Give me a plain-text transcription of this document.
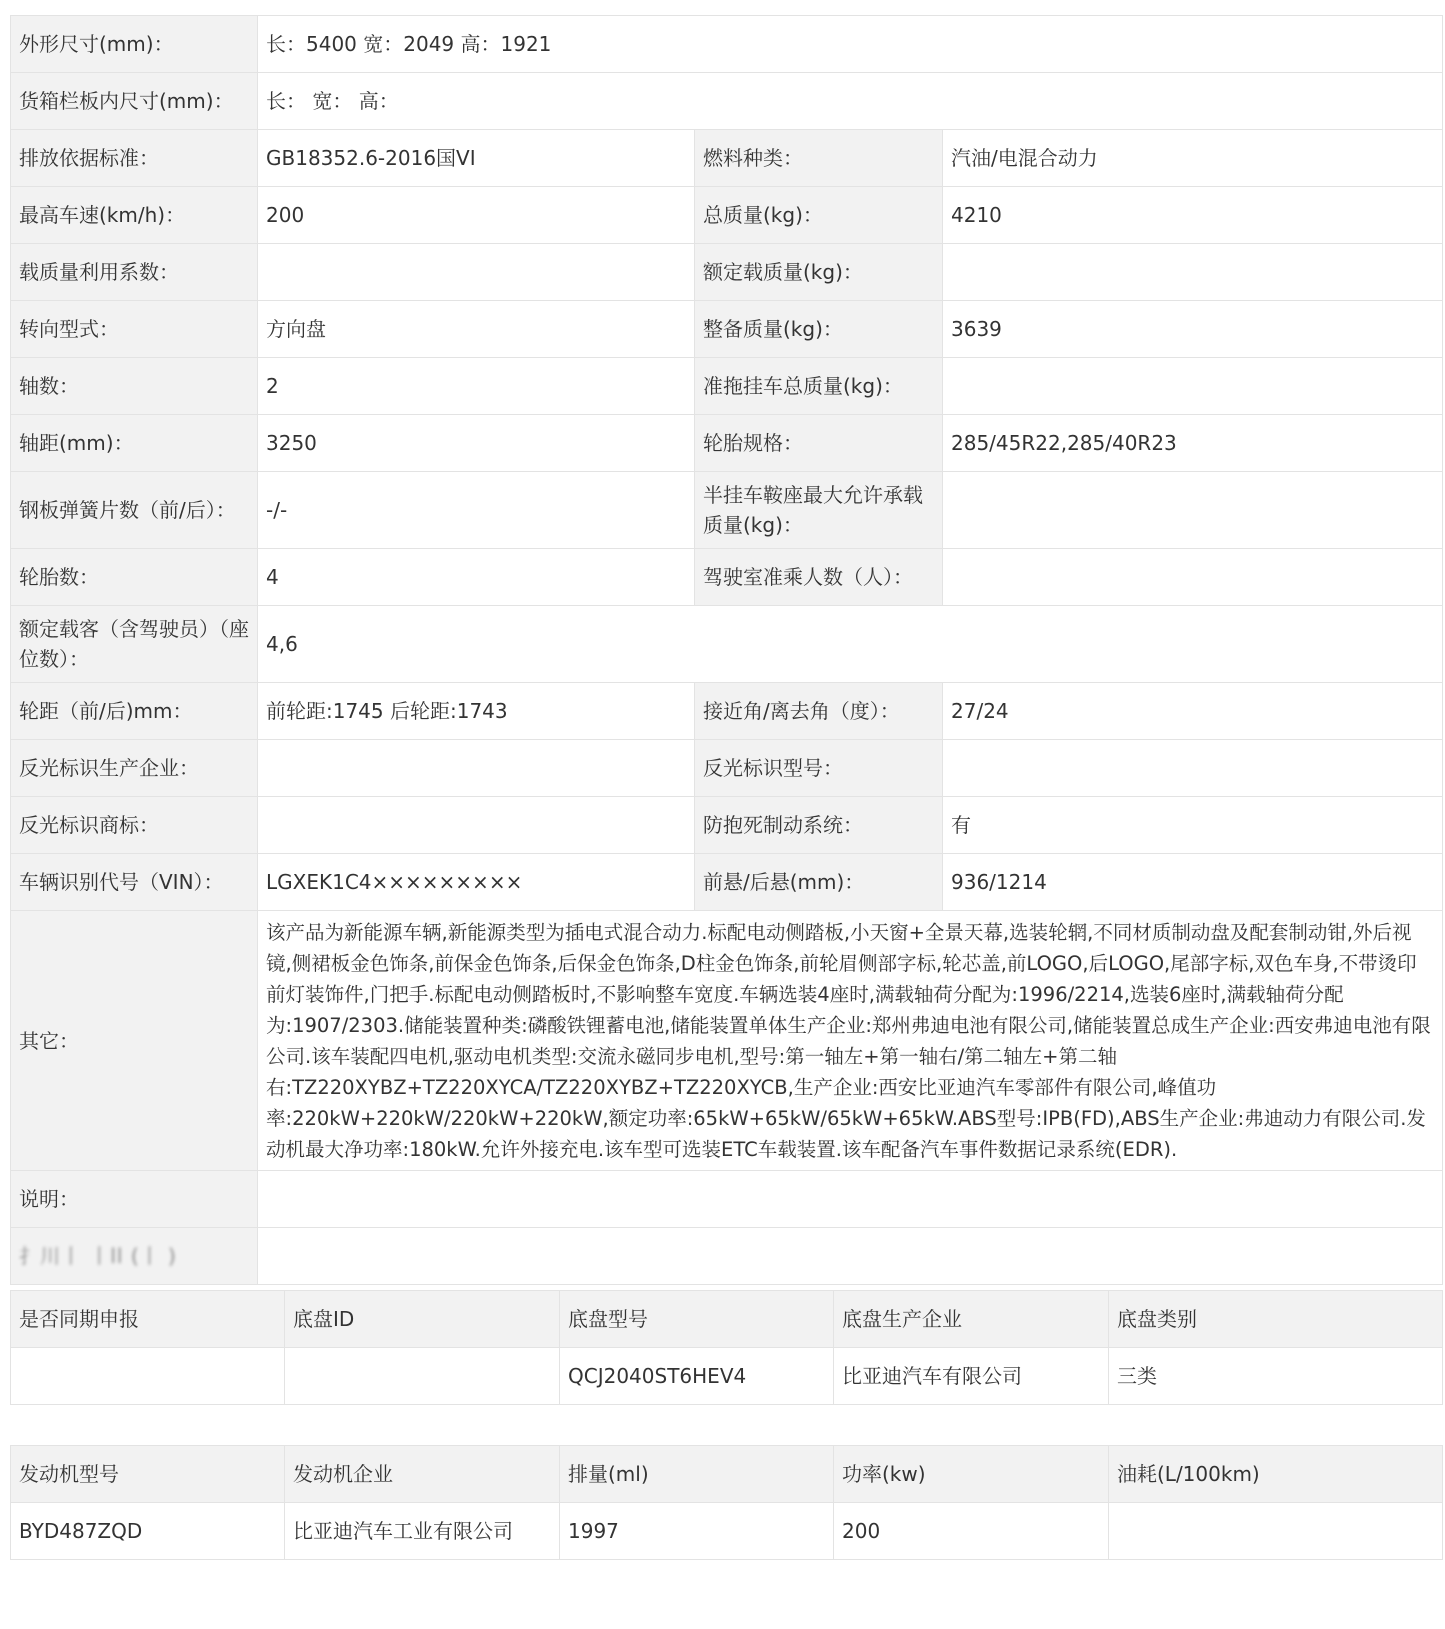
外形尺寸(mm)：	长：5400 宽：2049 高：1921		
货箱栏板内尺寸(mm)：	长： 宽： 高：		
排放依据标准：	GB18352.6-2016国VI	燃料种类：	汽油/电混合动力
最高车速(km/h)：	200	总质量(kg)：	4210
载质量利用系数：		额定载质量(kg)：	
转向型式：	方向盘	整备质量(kg)：	3639
轴数：	2	准拖挂车总质量(kg)：	
轴距(mm)：	3250	轮胎规格：	285/45R22,285/40R23
钢板弹簧片数（前/后）：	-/-	半挂车鞍座最大允许承载质量(kg)：	
轮胎数：	4	驾驶室准乘人数（人）：	
额定载客（含驾驶员）（座位数）：	4,6		
轮距（前/后)mm：	前轮距:1745 后轮距:1743	接近角/离去角（度）：	27/24
反光标识生产企业：		反光标识型号：	
反光标识商标：		防抱死制动系统：	有
车辆识别代号（VIN）：	LGXEK1C4×××××××××	前悬/后悬(mm)：	936/1214
其它：	该产品为新能源车辆,新能源类型为插电式混合动力.标配电动侧踏板,小天窗+全景天幕,选装轮辋,不同材质制动盘及配套制动钳,外后视镜,侧裙板金色饰条,前保金色饰条,后保金色饰条,D柱金色饰条,前轮眉侧部字标,轮芯盖,前LOGO,后LOGO,尾部字标,双色车身,不带烫印前灯装饰件,门把手.标配电动侧踏板时,不影响整车宽度.车辆选装4座时,满载轴荷分配为:1996/2214,选装6座时,满载轴荷分配为:1907/2303.储能装置种类:磷酸铁锂蓄电池,储能装置单体生产企业:郑州弗迪电池有限公司,储能装置总成生产企业:西安弗迪电池有限公司.该车装配四电机,驱动电机类型:交流永磁同步电机,型号:第一轴左+第一轴右/第二轴左+第二轴右:TZ220XYBZ+TZ220XYCA/TZ220XYBZ+TZ220XYCB,生产企业:西安比亚迪汽车零部件有限公司,峰值功率:220kW+220kW/220kW+220kW,额定功率:65kW+65kW/65kW+65kW.ABS型号:IPB(FD),ABS生产企业:弗迪动力有限公司.发动机最大净功率:180kW.允许外接充电.该车型可选装ETC车载装置.该车配备汽车事件数据记录系统(EDR).		
说明：			
扌川丨 丨ll (丨 )			
是否同期申报	底盘ID	底盘型号	底盘生产企业	底盘类别
		QCJ2040ST6HEV4	比亚迪汽车有限公司	三类
发动机型号	发动机企业	排量(ml)	功率(kw)	油耗(L/100km)
BYD487ZQD	比亚迪汽车工业有限公司	1997	200	
